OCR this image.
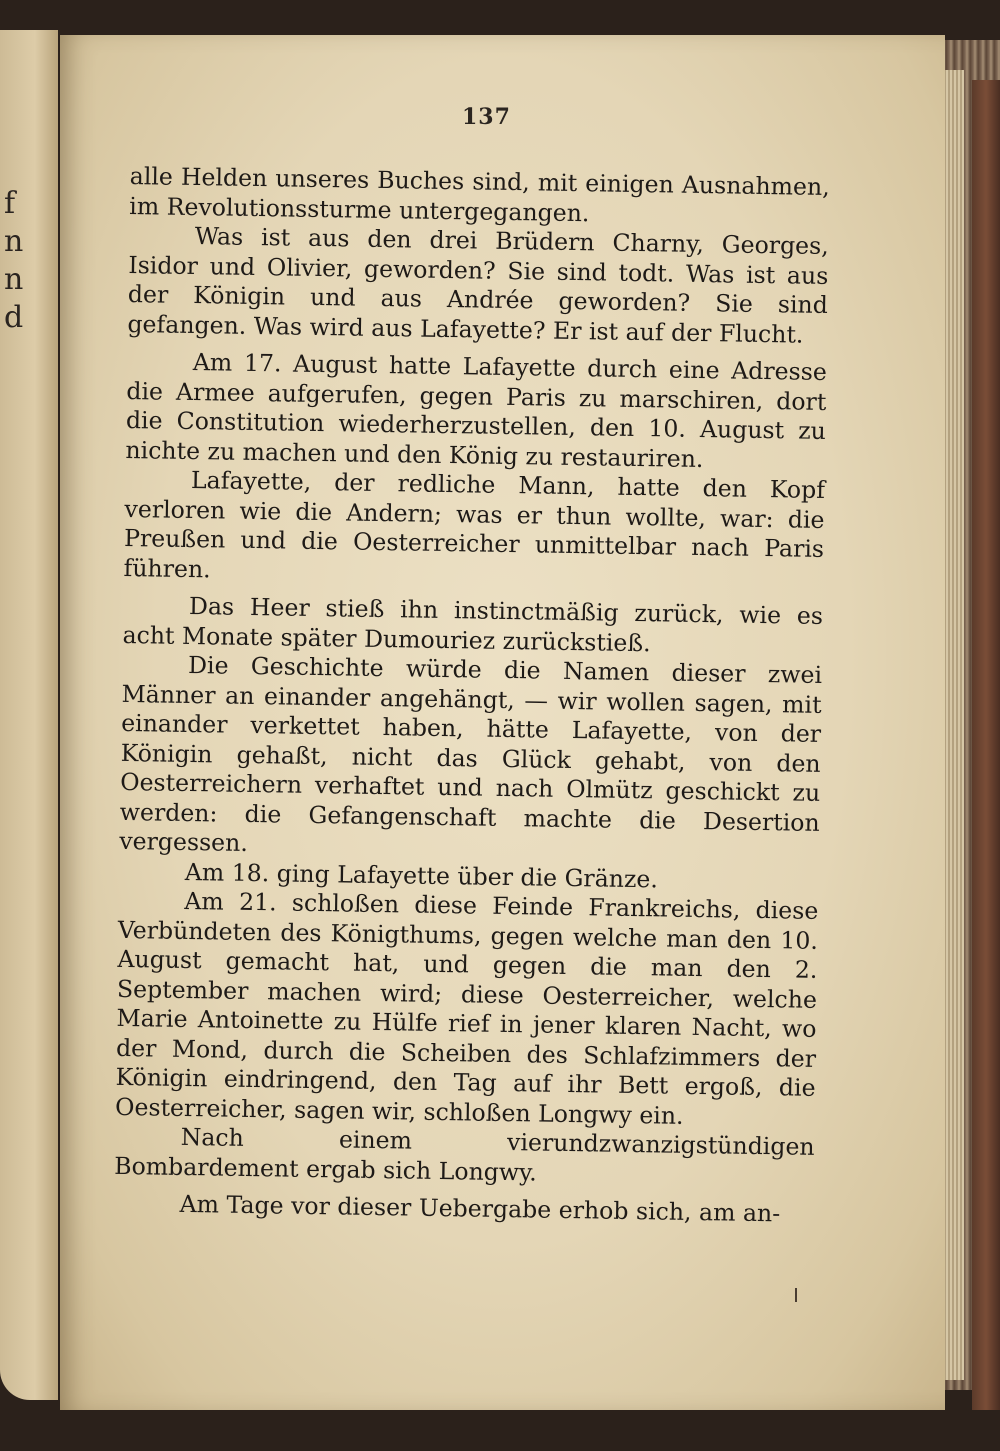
f
n
n
d
137

alle Helden unseres Buches sind, mit einigen Ausnahmen, im Revolutionssturme untergegangen.

Was ist aus den drei Brüdern Charny, Georges, Isidor und Olivier, geworden? Sie sind todt. Was ist aus der Königin und aus Andrée geworden? Sie sind gefangen. Was wird aus Lafayette? Er ist auf der Flucht.

Am 17. August hatte Lafayette durch eine Adresse die Armee aufgerufen, gegen Paris zu marschiren, dort die Constitution wiederherzustellen, den 10. August zu nichte zu machen und den König zu restauriren.

Lafayette, der redliche Mann, hatte den Kopf verloren wie die Andern; was er thun wollte, war: die Preußen und die Oesterreicher unmittelbar nach Paris führen.

Das Heer stieß ihn instinctmäßig zurück, wie es acht Monate später Dumouriez zurückstieß.

Die Geschichte würde die Namen dieser zwei Männer an einander angehängt, — wir wollen sagen, mit einander verkettet haben, hätte Lafayette, von der Königin gehaßt, nicht das Glück gehabt, von den Oesterreichern verhaftet und nach Olmütz geschickt zu werden: die Gefangenschaft machte die Desertion vergessen.

Am 18. ging Lafayette über die Gränze.

Am 21. schloßen diese Feinde Frankreichs, diese Verbündeten des Königthums, gegen welche man den 10. August gemacht hat, und gegen die man den 2. September machen wird; diese Oesterreicher, welche Marie Antoinette zu Hülfe rief in jener klaren Nacht, wo der Mond, durch die Scheiben des Schlafzimmers der Königin eindringend, den Tag auf ihr Bett ergoß, die Oesterreicher, sagen wir, schloßen Longwy ein.

Nach einem vierundzwanzigstündigen Bombardement ergab sich Longwy.

Am Tage vor dieser Uebergabe erhob sich, am an-
